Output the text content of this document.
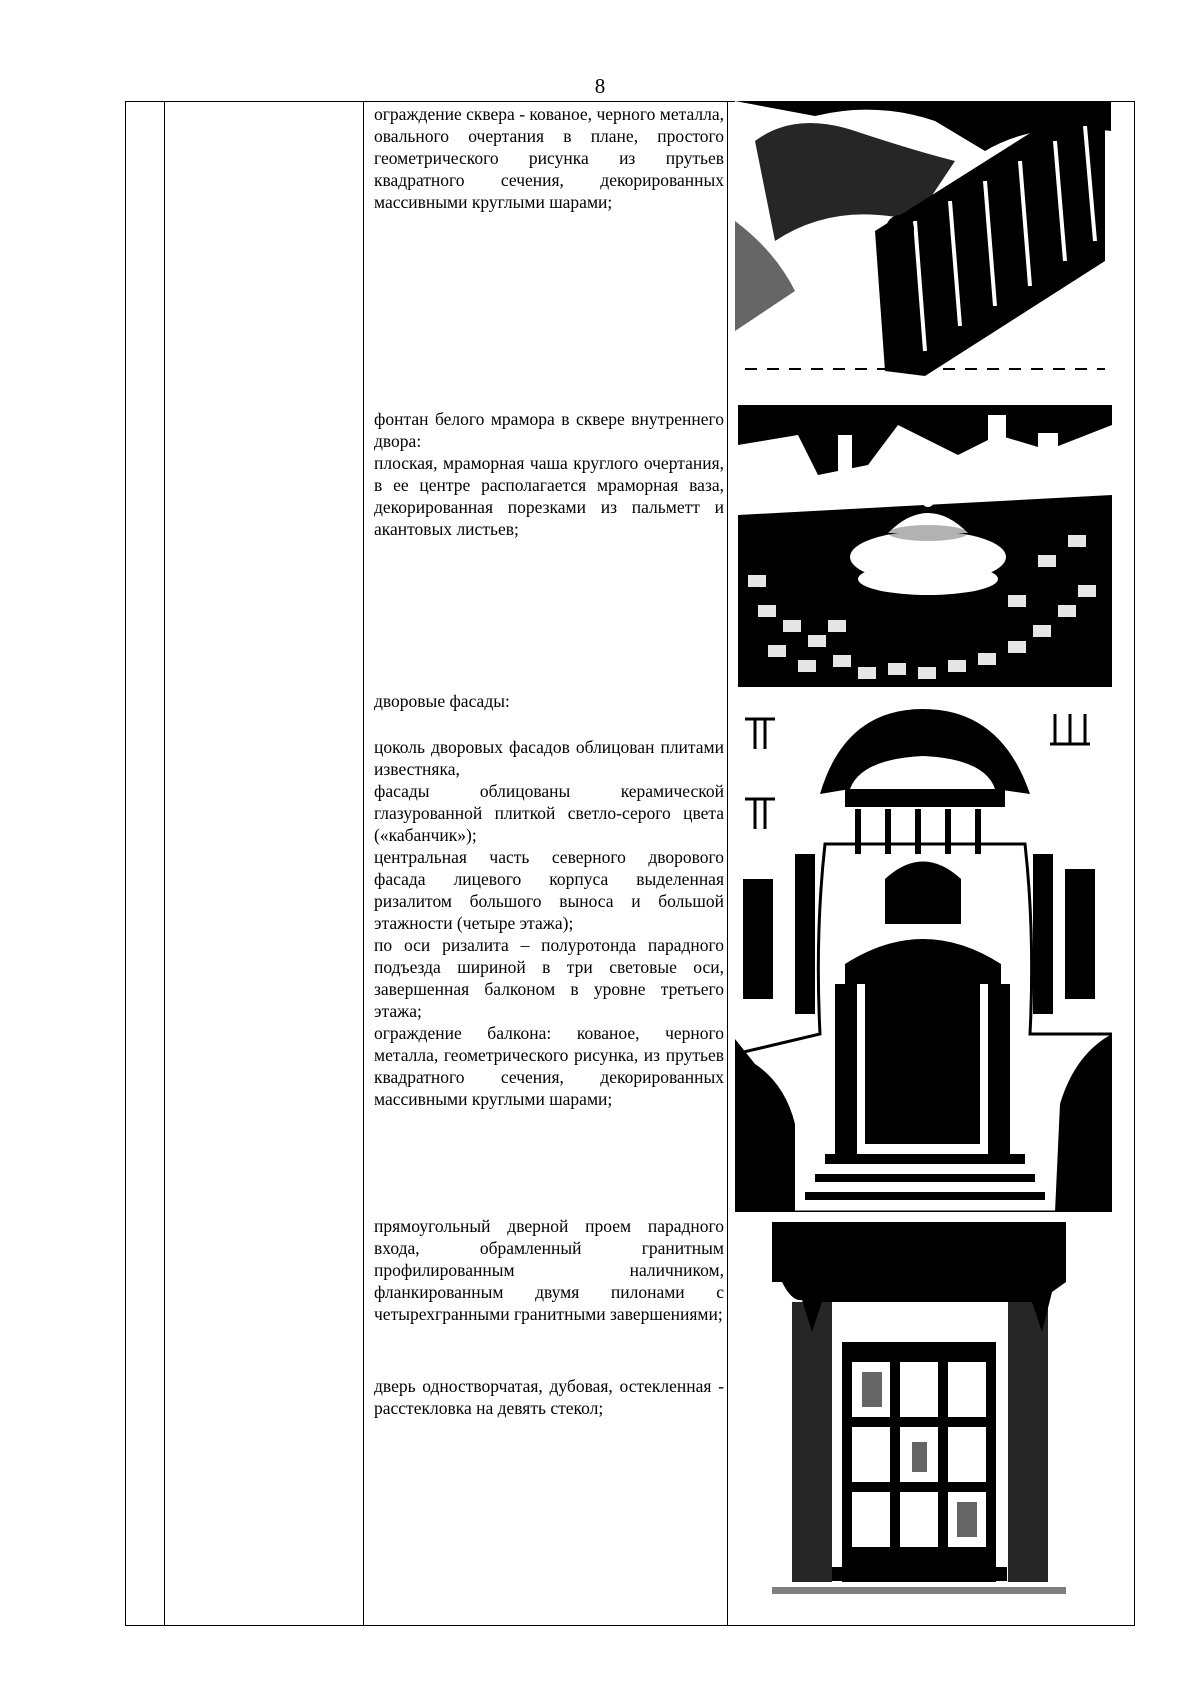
8

ограждение сквера - кованое, черного металла, овального очертания в плане, простого геометрического рисунка из прутьев квадратного сечения, декорированных массивными круглыми шарами;

фонтан белого мрамора в сквере внутреннего двора:

плоская, мраморная чаша круглого очертания, в ее центре располагается мраморная ваза, декорированная порезками из пальметт и акантовых листьев;

дворовые фасады:

цоколь дворовых фасадов облицован плитами известняка,

фасады облицованы керамической глазурованной плиткой светло-серого цвета («кабанчик»);

центральная часть северного дворового фасада лицевого корпуса выделенная ризалитом большого выноса и большой этажности (четыре этажа);

по оси ризалита – полуротонда парадного подъезда шириной в три световые оси, завершенная балконом в уровне третьего этажа;

ограждение балкона: кованое, черного металла, геометрического рисунка, из прутьев квадратного сечения, декорированных массивными круглыми шарами;

прямоугольный дверной проем парадного входа, обрамленный гранитным профилированным наличником, фланкированным двумя пилонами с четырехгранными гранитными завершениями;

дверь одностворчатая, дубовая, остекленная - расстекловка на девять стекол;
